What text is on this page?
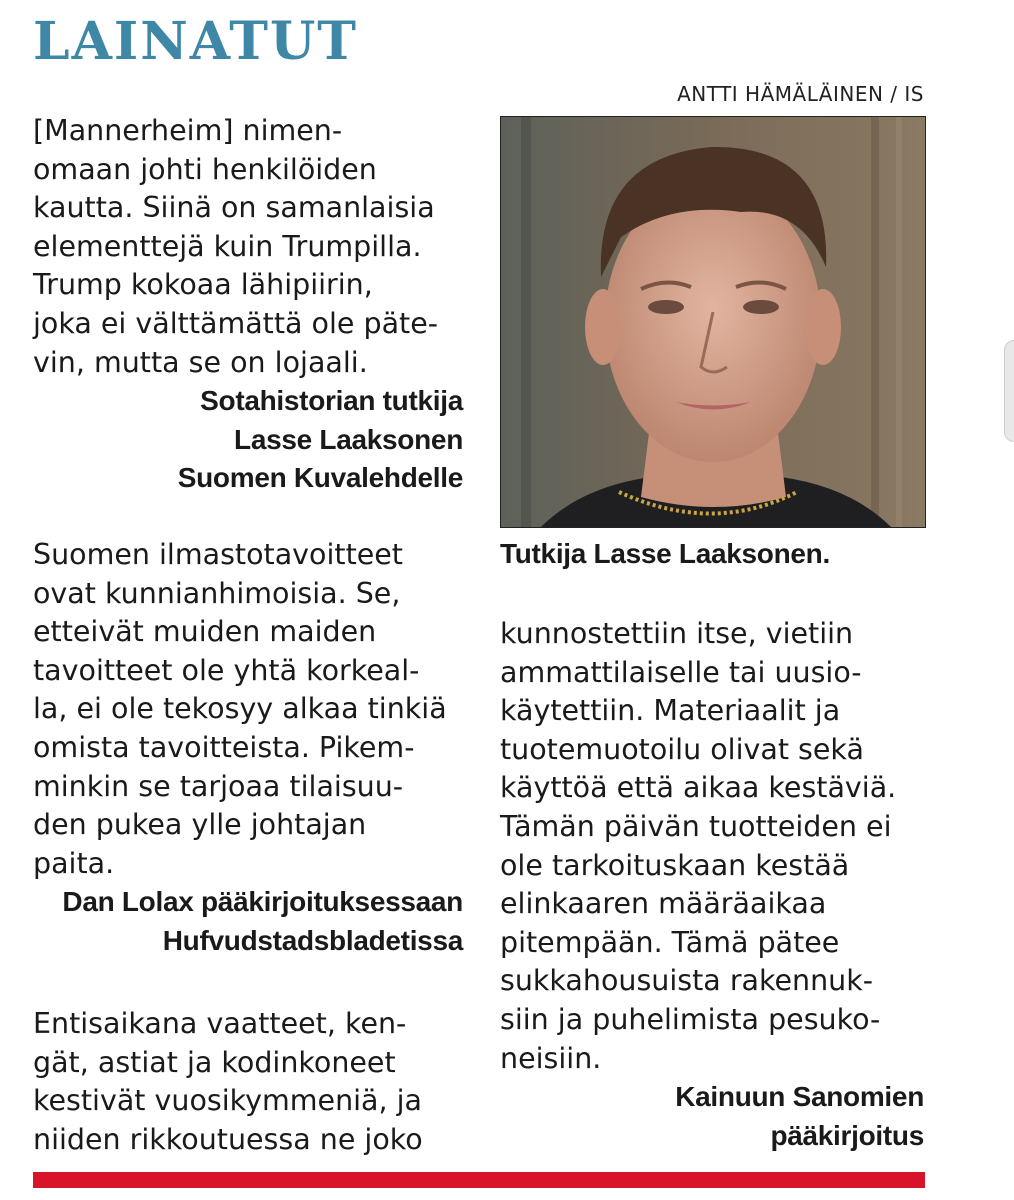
LAINATUT
ANTTI HÄMÄLÄINEN / IS
Tutkija Lasse Laaksonen.

[Mannerheim] nimen-
omaan johti henkilöiden
kautta. Siinä on samanlaisia
elementtejä kuin Trumpilla.
Trump kokoaa lähipiirin,
joka ei välttämättä ole päte-
vin, mutta se on lojaali.

Sotahistorian tutkija
Lasse Laaksonen
Suomen Kuvalehdelle

Suomen ilmastotavoitteet
ovat kunnianhimoisia. Se,
etteivät muiden maiden
tavoitteet ole yhtä korkeal-
la, ei ole tekosyy alkaa tinkiä
omista tavoitteista. Pikem-
minkin se tarjoaa tilaisuu-
den pukea ylle johtajan
paita.

Dan Lolax pääkirjoituksessaan
Hufvudstadsbladetissa

Entisaikana vaatteet, ken-
gät, astiat ja kodinkoneet
kestivät vuosikymmeniä, ja
niiden rikkoutuessa ne joko

kunnostettiin itse, vietiin
ammattilaiselle tai uusio-
käytettiin. Materiaalit ja
tuotemuotoilu olivat sekä
käyttöä että aikaa kestäviä.
Tämän päivän tuotteiden ei
ole tarkoituskaan kestää
elinkaaren määräaikaa
pitempään. Tämä pätee
sukkahousuista rakennuk-
siin ja puhelimista pesuko-
neisiin.

Kainuun Sanomien
pääkirjoitus
